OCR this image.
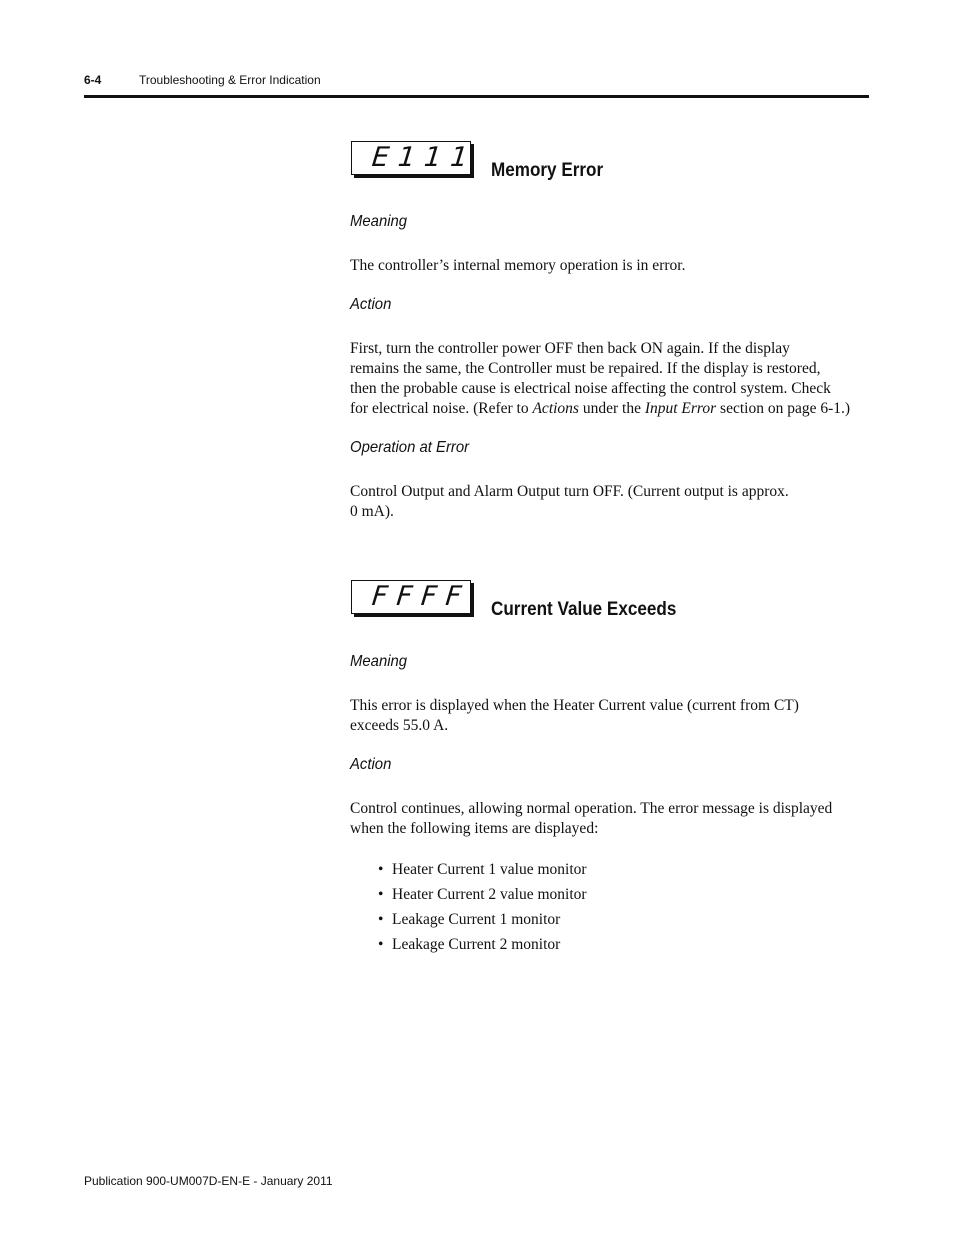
6-4	Troubleshooting & Error Indication
E111 Memory Error
Meaning
The controller’s internal memory operation is in error.
Action
First, turn the controller power OFF then back ON again. If the display
remains the same, the Controller must be repaired. If the display is restored,
then the probable cause is electrical noise affecting the control system. Check
for electrical noise. (Refer to Actions under the Input Error section on page 6-1.)
Operation at Error
Control Output and Alarm Output turn OFF. (Current output is approx.
0 mA).
FFFF Current Value Exceeds
Meaning
This error is displayed when the Heater Current value (current from CT)
exceeds 55.0 A.
Action
Control continues, allowing normal operation. The error message is displayed
when the following items are displayed:
• Heater Current 1 value monitor
• Heater Current 2 value monitor
• Leakage Current 1 monitor
• Leakage Current 2 monitor
Publication 900-UM007D-EN-E - January 2011
